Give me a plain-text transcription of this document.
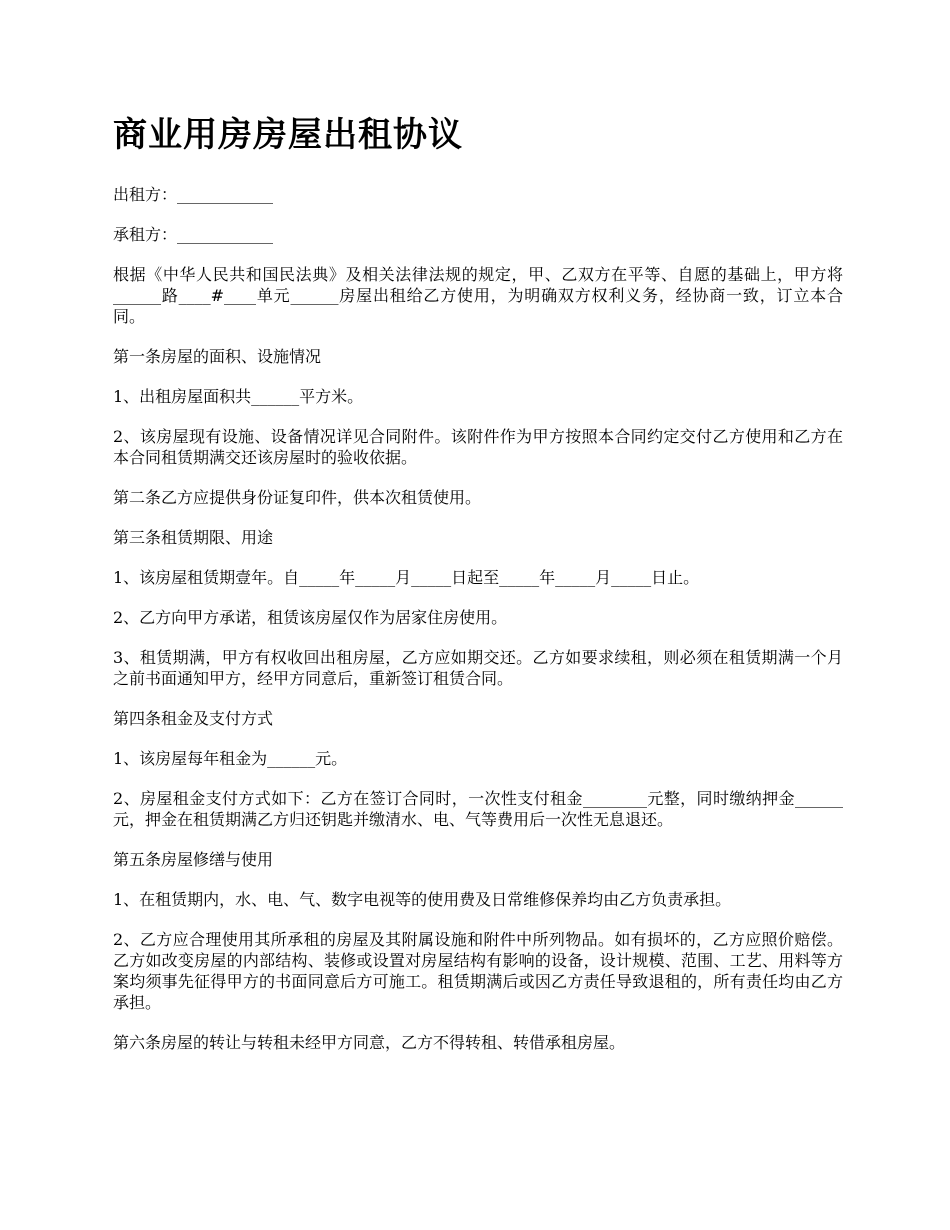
商业用房房屋出租协议

出租方：____________

承租方：____________

根据《中华人民共和国民法典》及相关法律法规的规定，甲、乙双方在平等、自愿的基础上，甲方将______路____#____单元______房屋出租给乙方使用，为明确双方权利义务，经协商一致，订立本合同。

第一条房屋的面积、设施情况

1、出租房屋面积共______平方米。

2、该房屋现有设施、设备情况详见合同附件。该附件作为甲方按照本合同约定交付乙方使用和乙方在本合同租赁期满交还该房屋时的验收依据。

第二条乙方应提供身份证复印件，供本次租赁使用。

第三条租赁期限、用途

1、该房屋租赁期壹年。自_____年_____月_____日起至_____年_____月_____日止。

2、乙方向甲方承诺，租赁该房屋仅作为居家住房使用。

3、租赁期满，甲方有权收回出租房屋，乙方应如期交还。乙方如要求续租，则必须在租赁期满一个月之前书面通知甲方，经甲方同意后，重新签订租赁合同。

第四条租金及支付方式

1、该房屋每年租金为______元。

2、房屋租金支付方式如下：乙方在签订合同时，一次性支付租金________元整，同时缴纳押金______元，押金在租赁期满乙方归还钥匙并缴清水、电、气等费用后一次性无息退还。

第五条房屋修缮与使用

1、在租赁期内，水、电、气、数字电视等的使用费及日常维修保养均由乙方负责承担。

2、乙方应合理使用其所承租的房屋及其附属设施和附件中所列物品。如有损坏的，乙方应照价赔偿。乙方如改变房屋的内部结构、装修或设置对房屋结构有影响的设备，设计规模、范围、工艺、用料等方案均须事先征得甲方的书面同意后方可施工。租赁期满后或因乙方责任导致退租的，所有责任均由乙方承担。

第六条房屋的转让与转租未经甲方同意，乙方不得转租、转借承租房屋。
